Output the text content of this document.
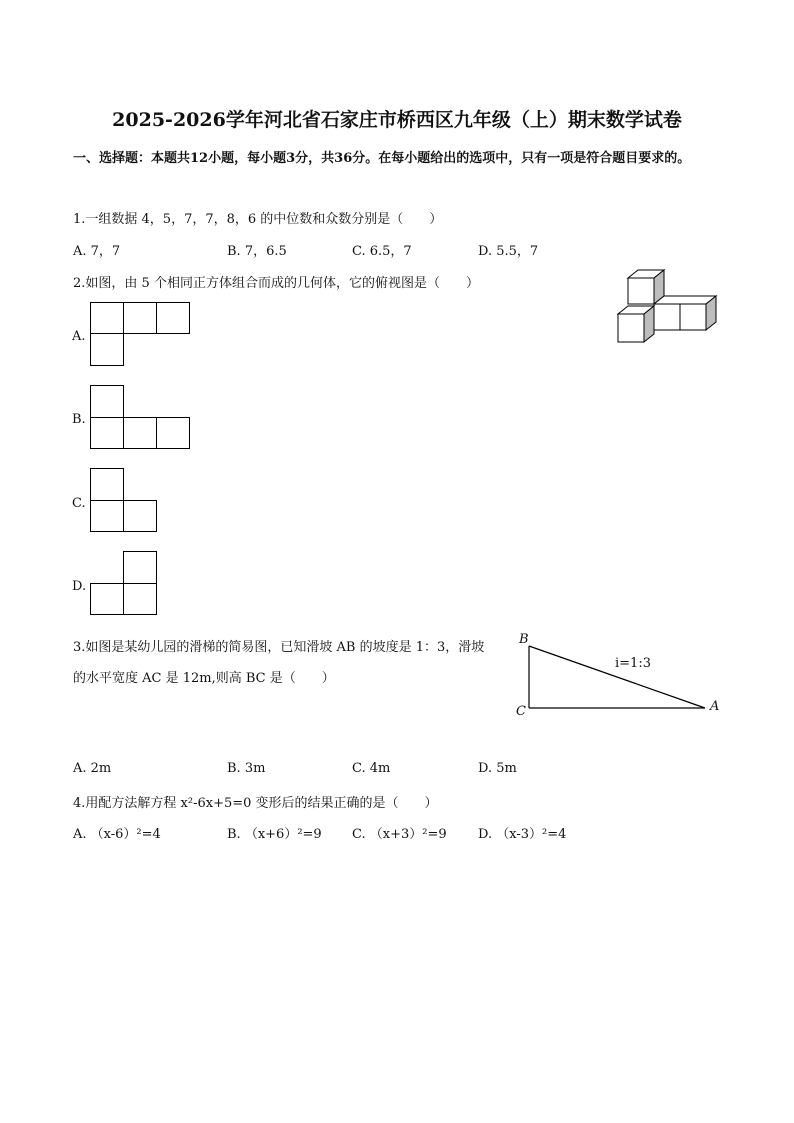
2025-2026学年河北省石家庄市桥西区九年级（上）期末数学试卷
一、选择题：本题共12小题，每小题3分，共36分。在每小题给出的选项中，只有一项是符合题目要求的。
1.一组数据 4，5，7，7，8，6 的中位数和众数分别是（　　）
A. 7，7	B. 7，6.5	C. 6.5，7	D. 5.5，7
2.如图，由 5 个相同正方体组合而成的几何体，它的俯视图是（　　）
A.
B.
C.
D.
3.如图是某幼儿园的滑梯的简易图，已知滑坡 AB 的坡度是 1：3，滑坡
的水平宽度 AC 是 12m,则高 BC 是（　　）
B
C	A
i=1:3
A. 2m	B. 3m	C. 4m	D. 5m
4.用配方法解方程 x²-6x+5=0 变形后的结果正确的是（　　）
A. （x-6）²=4	B. （x+6）²=9 C. （x+3）²=9 D. （x-3）²=4
